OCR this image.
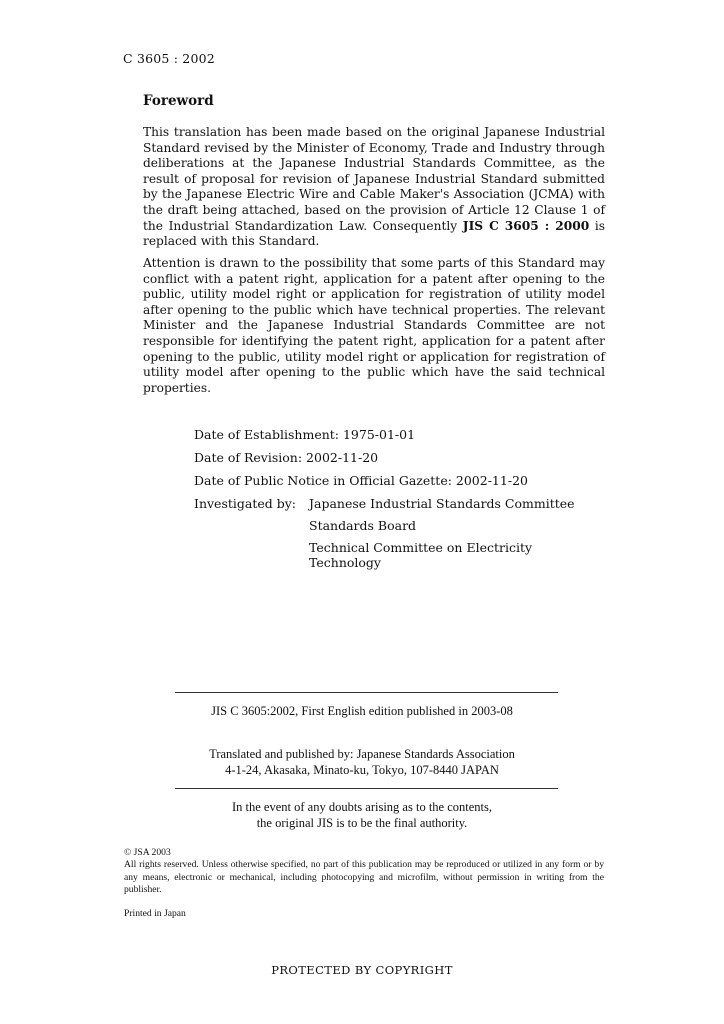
C 3605 : 2002
Foreword

This translation has been made based on the original Japanese Industrial Standard revised by the Minister of Economy, Trade and Industry through deliberations at the Japanese Industrial Standards Committee, as the result of proposal for revision of Japanese Industrial Standard submitted by the Japanese Electric Wire and Cable Maker's Association (JCMA) with the draft being attached, based on the provision of Article 12 Clause 1 of the Industrial Standardization Law. Consequently JIS C 3605 : 2000 is replaced with this Standard.

Attention is drawn to the possibility that some parts of this Standard may conflict with a patent right, application for a patent after opening to the public, utility model right or application for registration of utility model after opening to the public which have technical properties. The relevant Minister and the Japanese Industrial Standards Committee are not responsible for identifying the patent right, application for a patent after opening to the public, utility model right or application for registration of utility model after opening to the public which have the said technical properties.

Date of Establishment: 1975-01-01
Date of Revision: 2002-11-20
Date of Public Notice in Official Gazette: 2002-11-20
Investigated by:	Japanese Industrial Standards Committee
Standards Board
Technical Committee on Electricity Technology
JIS C 3605:2002, First English edition published in 2003-08
Translated and published by: Japanese Standards Association
4-1-24, Akasaka, Minato-ku, Tokyo, 107-8440 JAPAN
In the event of any doubts arising as to the contents,
the original JIS is to be the final authority.
© JSA 2003
All rights reserved. Unless otherwise specified, no part of this publication may be reproduced or utilized in any form or by any means, electronic or mechanical, including photocopying and microfilm, without permission in writing from the publisher.
Printed in Japan
PROTECTED BY COPYRIGHT
